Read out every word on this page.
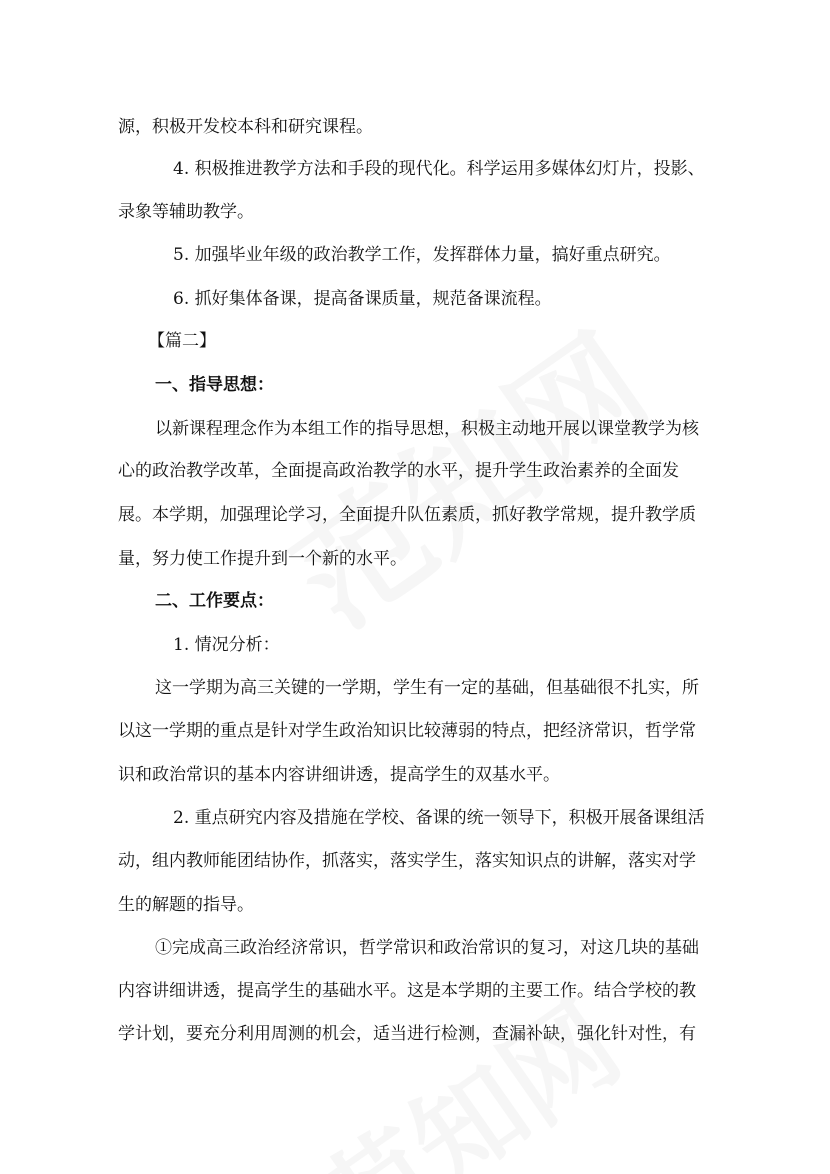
源，积极开发校本科和研究课程。
4. 积极推进教学方法和手段的现代化。科学运用多媒体幻灯片，投影、
录象等辅助教学。
5. 加强毕业年级的政治教学工作，发挥群体力量，搞好重点研究。
6. 抓好集体备课，提高备课质量，规范备课流程。
【篇二】
一、指导思想：
以新课程理念作为本组工作的指导思想，积极主动地开展以课堂教学为核
心的政治教学改革，全面提高政治教学的水平，提升学生政治素养的全面发
展。本学期，加强理论学习，全面提升队伍素质，抓好教学常规，提升教学质
量，努力使工作提升到一个新的水平。
二、工作要点：
1. 情况分析：
这一学期为高三关键的一学期，学生有一定的基础，但基础很不扎实，所
以这一学期的重点是针对学生政治知识比较薄弱的特点，把经济常识，哲学常
识和政治常识的基本内容讲细讲透，提高学生的双基水平。
2. 重点研究内容及措施在学校、备课的统一领导下，积极开展备课组活
动，组内教师能团结协作，抓落实，落实学生，落实知识点的讲解，落实对学
生的解题的指导。
①完成高三政治经济常识，哲学常识和政治常识的复习，对这几块的基础
内容讲细讲透，提高学生的基础水平。这是本学期的主要工作。结合学校的教
学计划，要充分利用周测的机会，适当进行检测，查漏补缺，强化针对性，有
